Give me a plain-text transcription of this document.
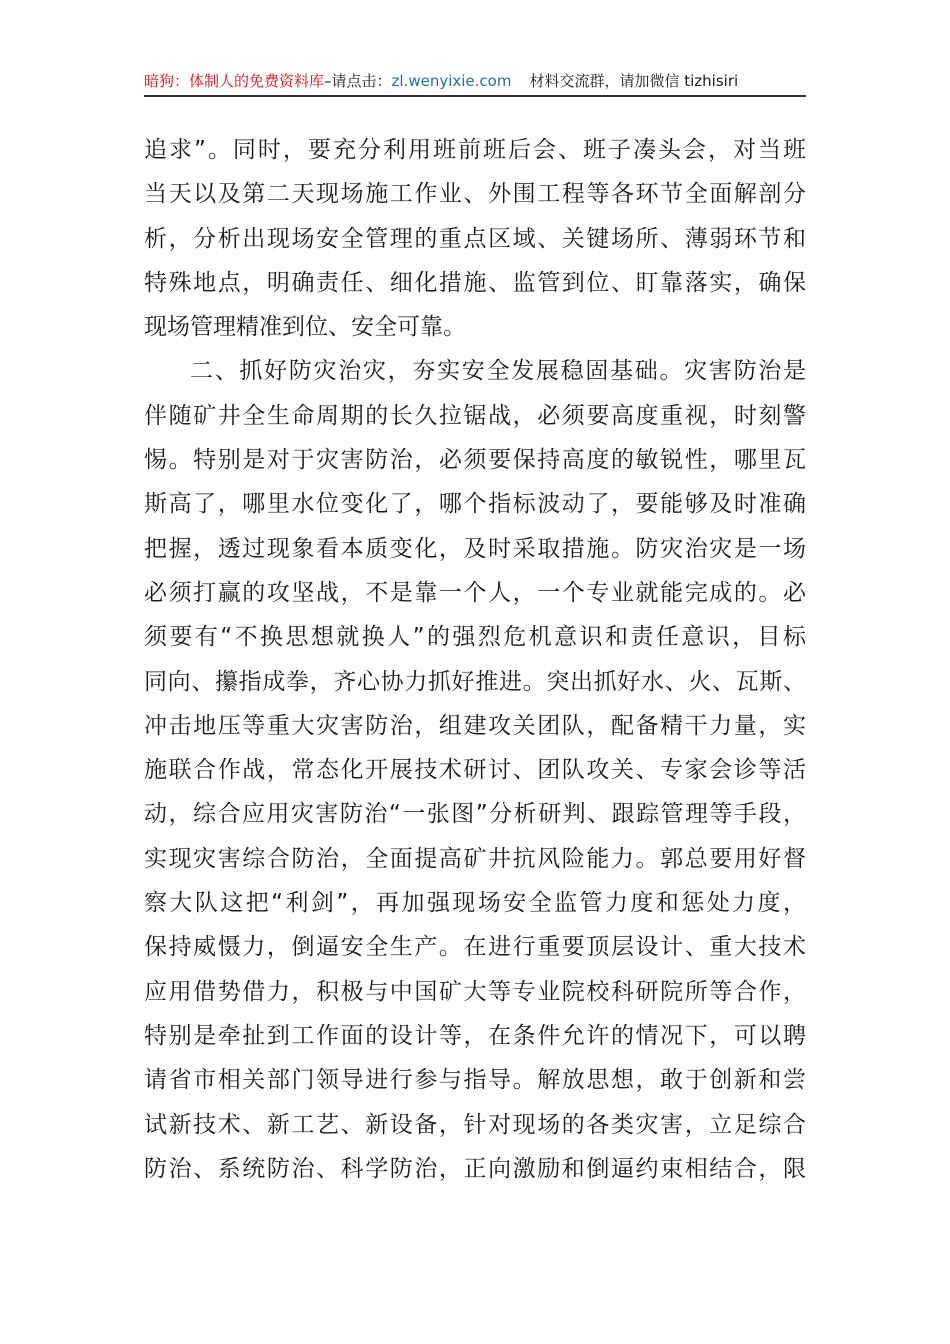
暗狗：体制人的免费资料库–请点击：zl.wenyixie.com 材料交流群，请加微信 tizhisiri
追求”。同时，要充分利用班前班后会、班子凑头会，对当班
当天以及第二天现场施工作业、外围工程等各环节全面解剖分
析，分析出现场安全管理的重点区域、关键场所、薄弱环节和
特殊地点，明确责任、细化措施、监管到位、盯靠落实，确保
现场管理精准到位、安全可靠。
二、抓好防灾治灾，夯实安全发展稳固基础。灾害防治是
伴随矿井全生命周期的长久拉锯战，必须要高度重视，时刻警
惕。特别是对于灾害防治，必须要保持高度的敏锐性，哪里瓦
斯高了，哪里水位变化了，哪个指标波动了，要能够及时准确
把握，透过现象看本质变化，及时采取措施。防灾治灾是一场
必须打赢的攻坚战，不是靠一个人，一个专业就能完成的。必
须要有“不换思想就换人”的强烈危机意识和责任意识，目标
同向、攥指成拳，齐心协力抓好推进。突出抓好水、火、瓦斯、
冲击地压等重大灾害防治，组建攻关团队，配备精干力量，实
施联合作战，常态化开展技术研讨、团队攻关、专家会诊等活
动，综合应用灾害防治“一张图”分析研判、跟踪管理等手段，
实现灾害综合防治，全面提高矿井抗风险能力。郭总要用好督
察大队这把“利剑”，再加强现场安全监管力度和惩处力度，
保持威慑力，倒逼安全生产。在进行重要顶层设计、重大技术
应用借势借力，积极与中国矿大等专业院校科研院所等合作，
特别是牵扯到工作面的设计等，在条件允许的情况下，可以聘
请省市相关部门领导进行参与指导。解放思想，敢于创新和尝
试新技术、新工艺、新设备，针对现场的各类灾害，立足综合
防治、系统防治、科学防治，正向激励和倒逼约束相结合，限
